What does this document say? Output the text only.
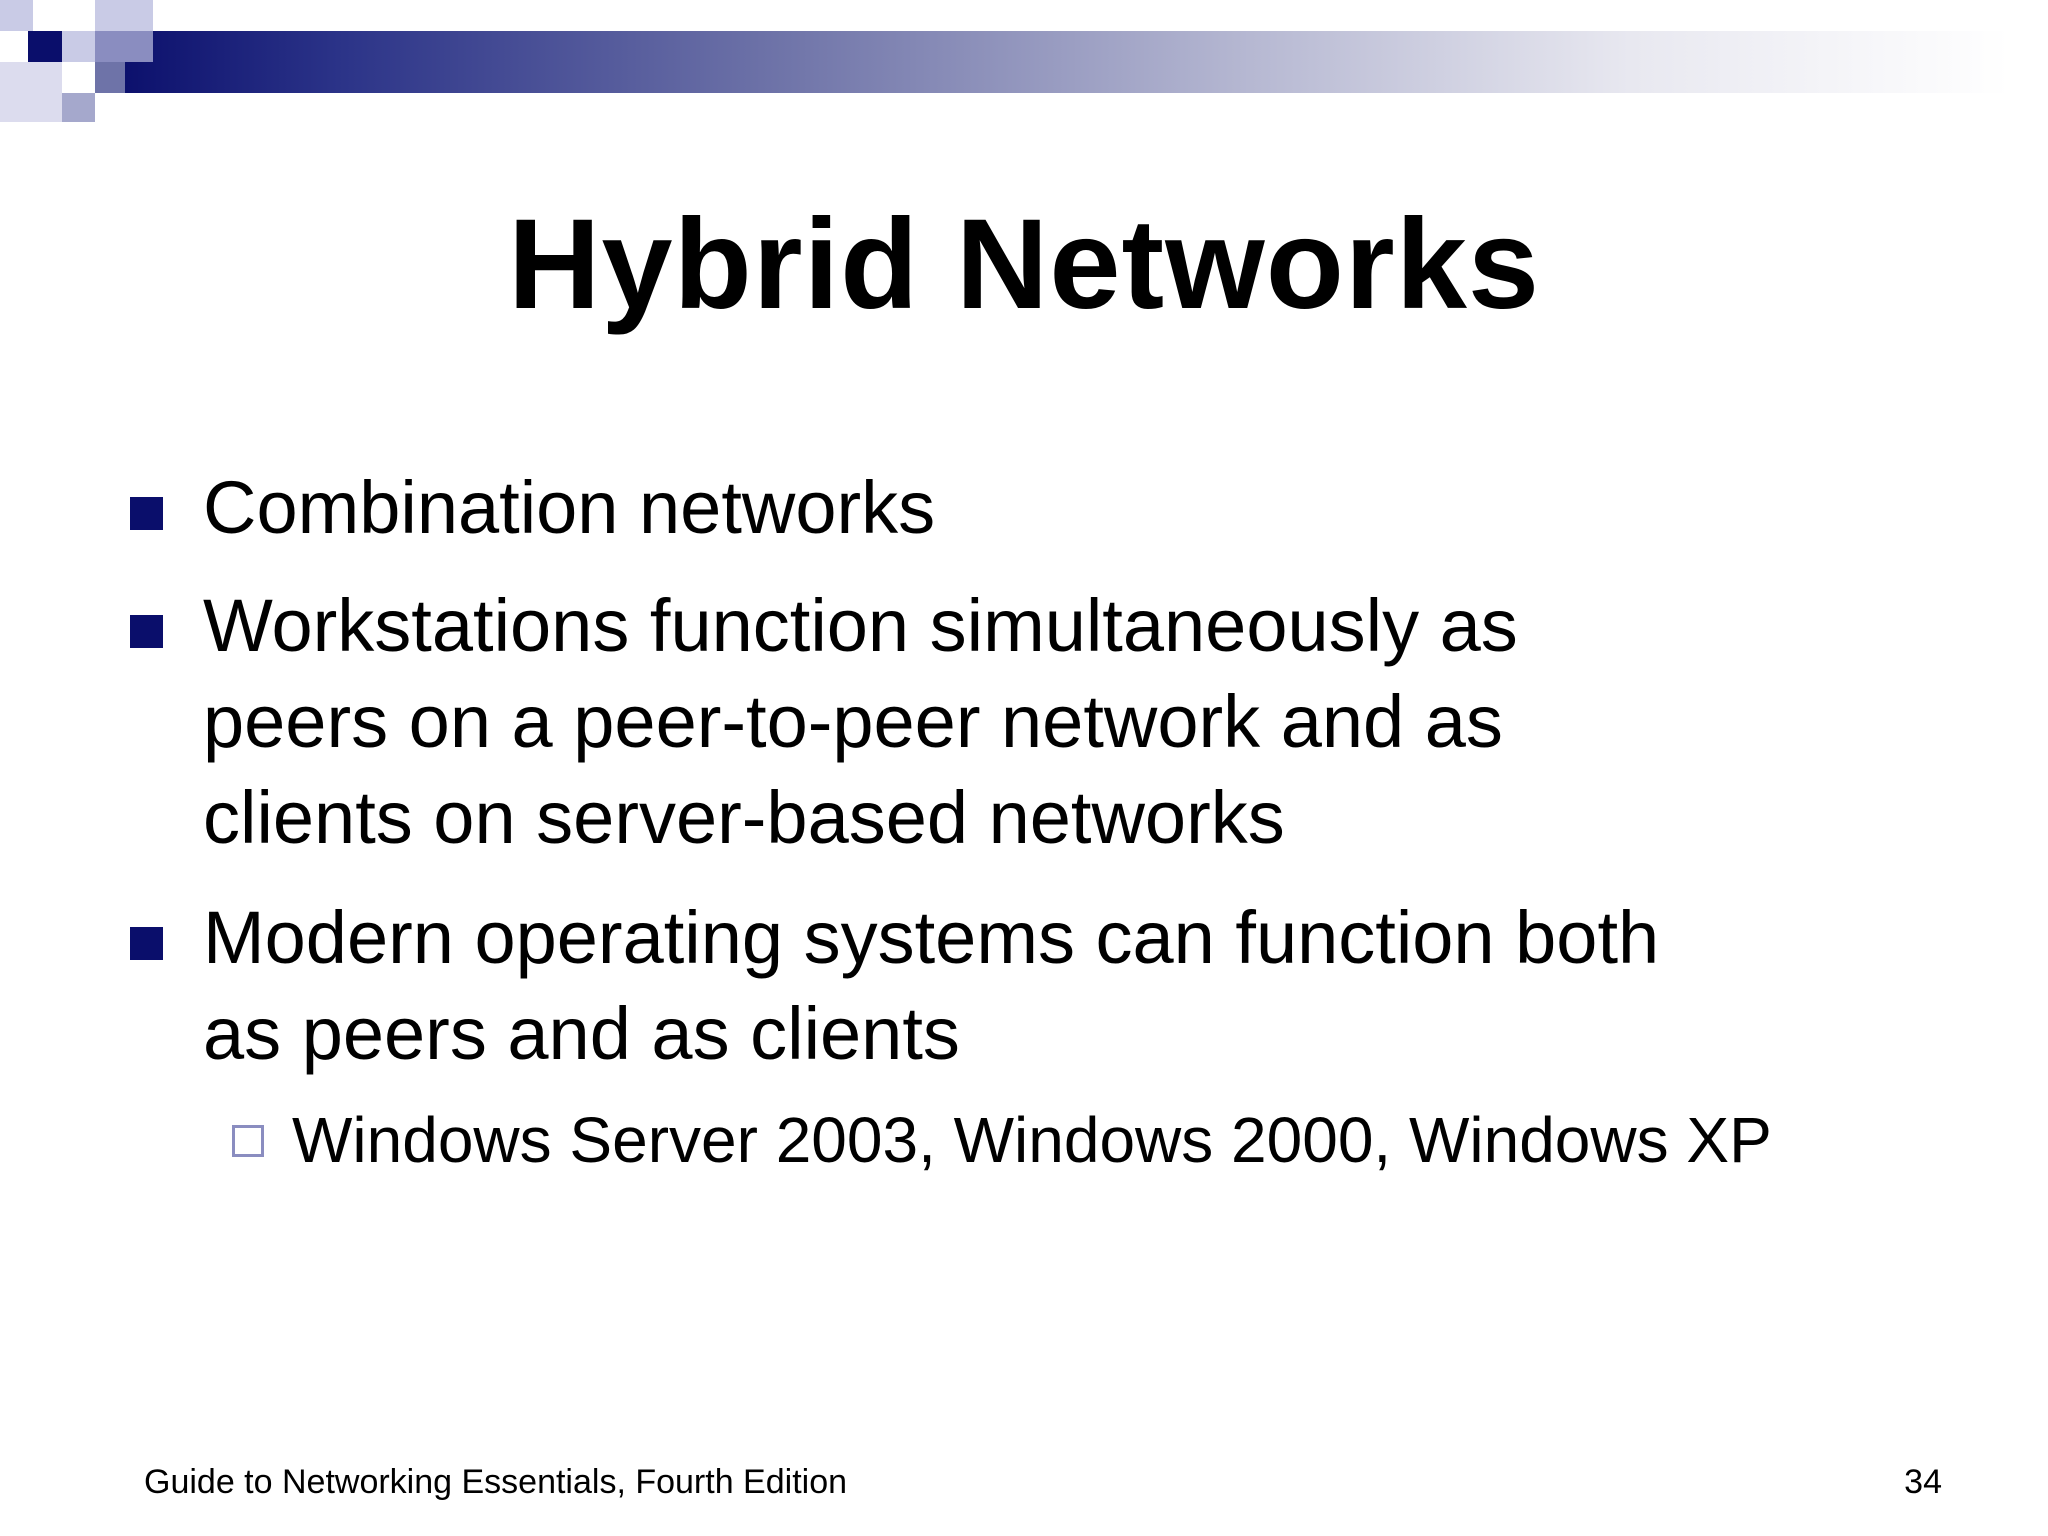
Hybrid Networks
Combination networks
Workstations function simultaneously as
peers on a peer-to-peer network and as
clients on server-based networks
Modern operating systems can function both
as peers and as clients
Windows Server 2003, Windows 2000, Windows XP
Guide to Networking Essentials, Fourth Edition	34
